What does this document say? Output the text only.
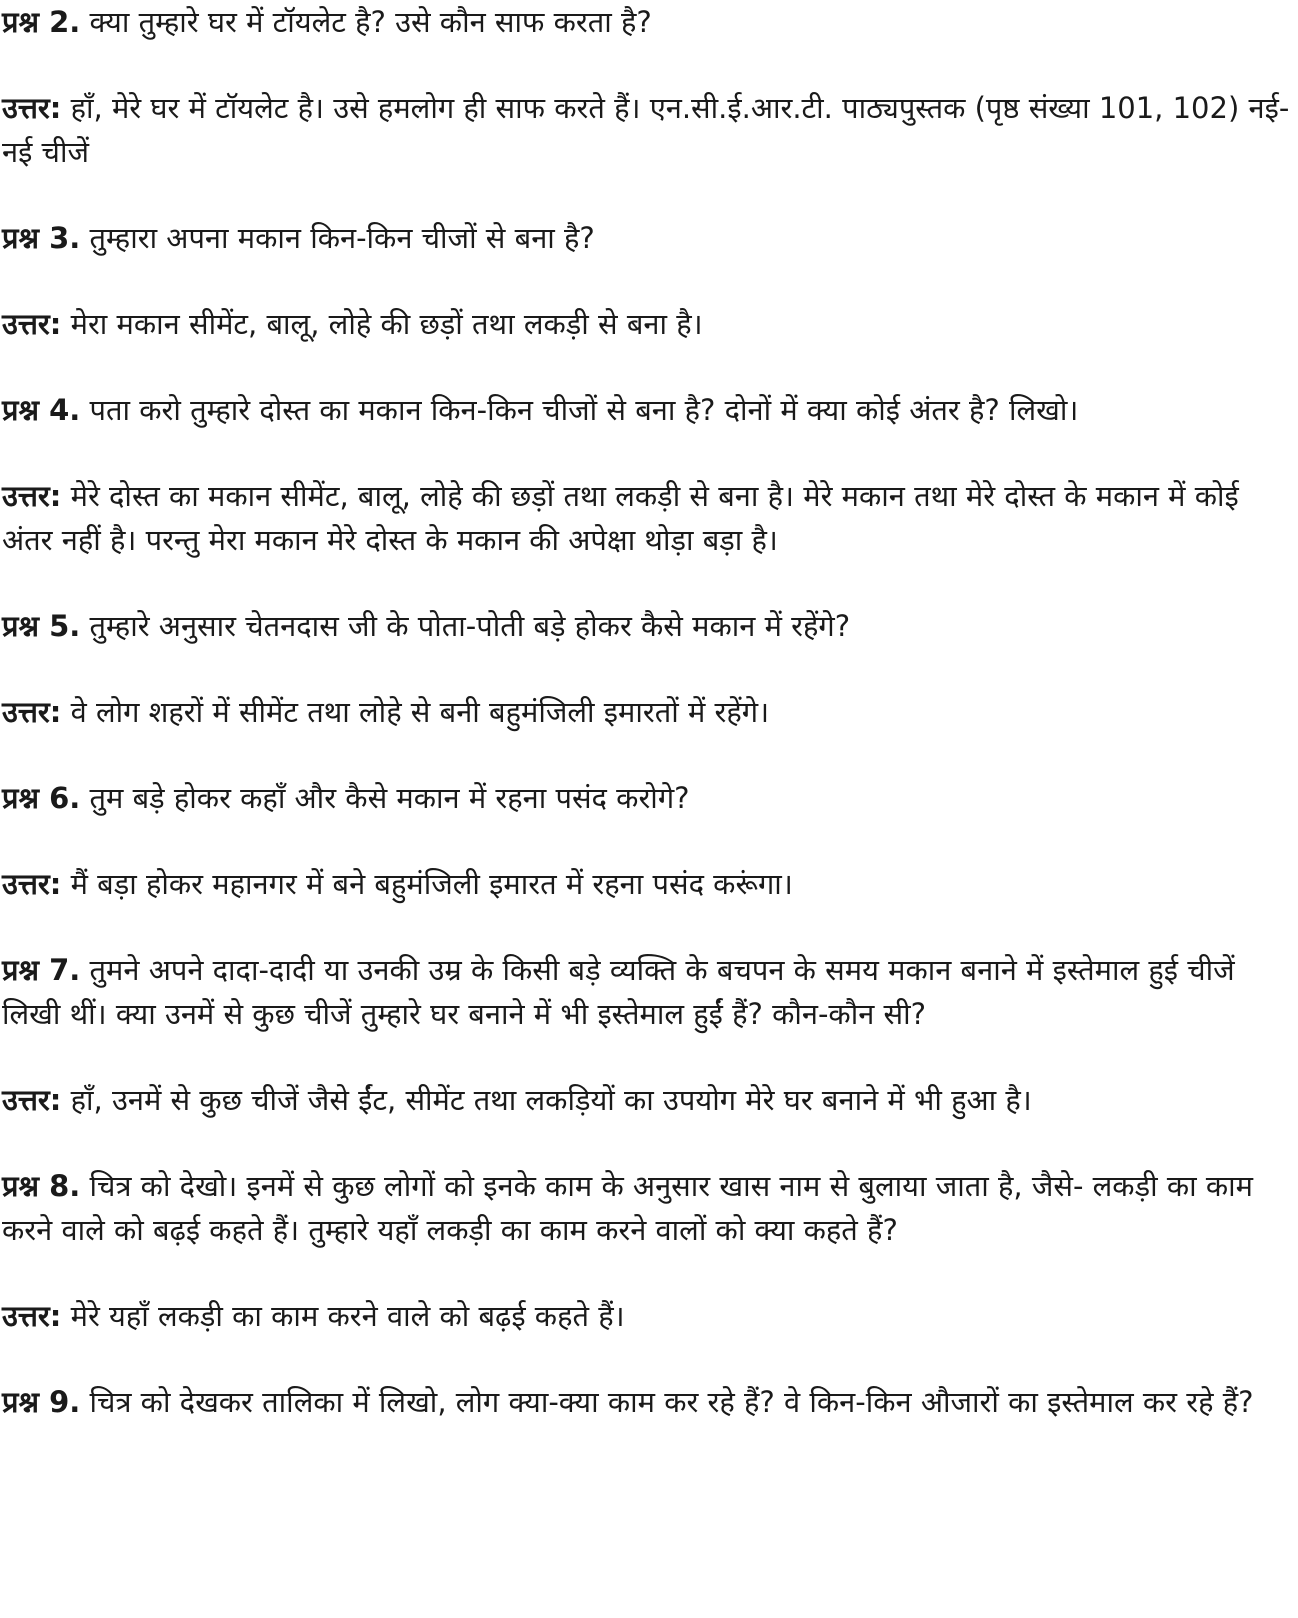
प्रश्न 2. क्या तुम्हारे घर में टॉयलेट है? उसे कौन साफ करता है?

उत्तर: हाँ, मेरे घर में टॉयलेट है। उसे हमलोग ही साफ करते हैं। एन.सी.ई.आर.टी. पाठ्यपुस्तक (पृष्ठ संख्या 101, 102) नई-नई चीजें

प्रश्न 3. तुम्हारा अपना मकान किन-किन चीजों से बना है?

उत्तर: मेरा मकान सीमेंट, बालू, लोहे की छड़ों तथा लकड़ी से बना है।

प्रश्न 4. पता करो तुम्हारे दोस्त का मकान किन-किन चीजों से बना है? दोनों में क्या कोई अंतर है? लिखो।

उत्तर: मेरे दोस्त का मकान सीमेंट, बालू, लोहे की छड़ों तथा लकड़ी से बना है। मेरे मकान तथा मेरे दोस्त के मकान में कोई अंतर नहीं है। परन्तु मेरा मकान मेरे दोस्त के मकान की अपेक्षा थोड़ा बड़ा है।

प्रश्न 5. तुम्हारे अनुसार चेतनदास जी के पोता-पोती बड़े होकर कैसे मकान में रहेंगे?

उत्तर: वे लोग शहरों में सीमेंट तथा लोहे से बनी बहुमंजिली इमारतों में रहेंगे।

प्रश्न 6. तुम बड़े होकर कहाँ और कैसे मकान में रहना पसंद करोगे?

उत्तर: मैं बड़ा होकर महानगर में बने बहुमंजिली इमारत में रहना पसंद करूंगा।

प्रश्न 7. तुमने अपने दादा-दादी या उनकी उम्र के किसी बड़े व्यक्ति के बचपन के समय मकान बनाने में इस्तेमाल हुई चीजें लिखी थीं। क्या उनमें से कुछ चीजें तुम्हारे घर बनाने में भी इस्तेमाल हुईं हैं? कौन-कौन सी?

उत्तर: हाँ, उनमें से कुछ चीजें जैसे ईंट, सीमेंट तथा लकड़ियों का उपयोग मेरे घर बनाने में भी हुआ है।

प्रश्न 8. चित्र को देखो। इनमें से कुछ लोगों को इनके काम के अनुसार खास नाम से बुलाया जाता है, जैसे- लकड़ी का काम करने वाले को बढ़ई कहते हैं। तुम्हारे यहाँ लकड़ी का काम करने वालों को क्या कहते हैं?

उत्तर: मेरे यहाँ लकड़ी का काम करने वाले को बढ़ई कहते हैं।

प्रश्न 9. चित्र को देखकर तालिका में लिखो, लोग क्या-क्या काम कर रहे हैं? वे किन-किन औजारों का इस्तेमाल कर रहे हैं?
